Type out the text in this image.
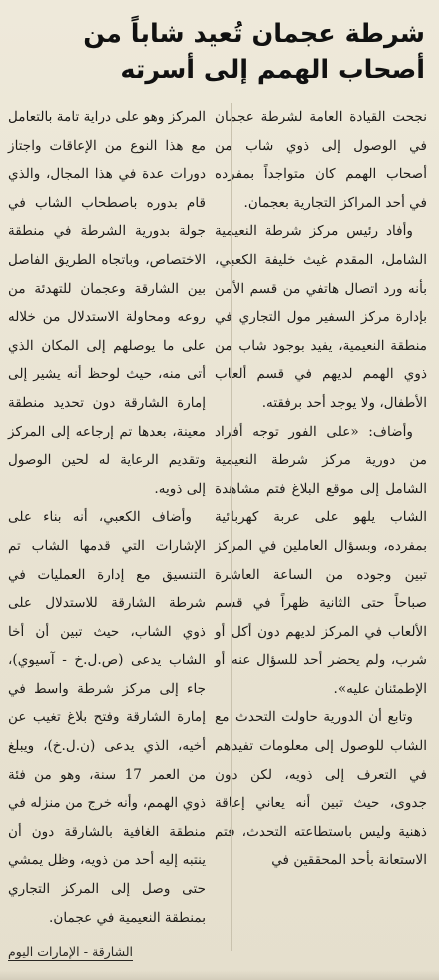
شرطة عجمان تُعيد شاباً من
أصحاب الهمم إلى أسرته

نجحت القيادة العامة لشرطة عجمان في الوصول إلى ذوي شاب من أصحاب الهمم كان متواجداً بمفرده في أحد المراكز التجارية بعجمان.

وأفاد رئيس مركز شرطة النعيمية الشامل، المقدم غيث خليفة الكعبي، بأنه ورد اتصال هاتفي من قسم الأمن بإدارة مركز السفير مول التجاري في منطقة النعيمية، يفيد بوجود شاب من ذوي الهمم لديهم في قسم ألعاب الأطفال، ولا يوجد أحد برفقته.

وأضاف: «على الفور توجه أفراد من دورية مركز شرطة النعيمية الشامل إلى موقع البلاغ فتم مشاهدة الشاب يلهو على عربة كهربائية بمفرده، وبسؤال العاملين في المركز تبين وجوده من الساعة العاشرة صباحاً حتى الثانية ظهراً في قسم الألعاب في المركز لديهم دون أكل أو شرب، ولم يحضر أحد للسؤال عنه أو الإطمئنان عليه».

وتابع أن الدورية حاولت التحدث مع الشاب للوصول إلى معلومات تفيدهم في التعرف إلى ذويه، لكن دون جدوى، حيث تبين أنه يعاني إعاقة ذهنية وليس باستطاعته التحدث، فتم الاستعانة بأحد المحققين في

المركز وهو على دراية تامة بالتعامل مع هذا النوع من الإعاقات واجتاز دورات عدة في هذا المجال، والذي قام بدوره باصطحاب الشاب في جولة بدورية الشرطة في منطقة الاختصاص، وباتجاه الطريق الفاصل بين الشارقة وعجمان للتهدئة من روعه ومحاولة الاستدلال من خلاله على ما يوصلهم إلى المكان الذي أتى منه، حيث لوحظ أنه يشير إلى إمارة الشارقة دون تحديد منطقة معينة، بعدها تم إرجاعه إلى المركز وتقديم الرعاية له لحين الوصول إلى ذويه.

وأضاف الكعبي، أنه بناء على الإشارات التي قدمها الشاب تم التنسيق مع إدارة العمليات في شرطة الشارقة للاستدلال على ذوي الشاب، حيث تبين أن أخا الشاب يدعى (ص.ل.خ - آسيوي)، جاء إلى مركز شرطة واسط في إمارة الشارقة وفتح بلاغ تغيب عن أخيه، الذي يدعى (ن.ل.خ)، ويبلغ من العمر 17 سنة، وهو من فئة ذوي الهمم، وأنه خرج من منزله في منطقة الغافية بالشارقة دون أن ينتبه إليه أحد من ذويه، وظل يمشي حتى وصل إلى المركز التجاري بمنطقة النعيمية في عجمان.

الشارقة - الإمارات اليوم
